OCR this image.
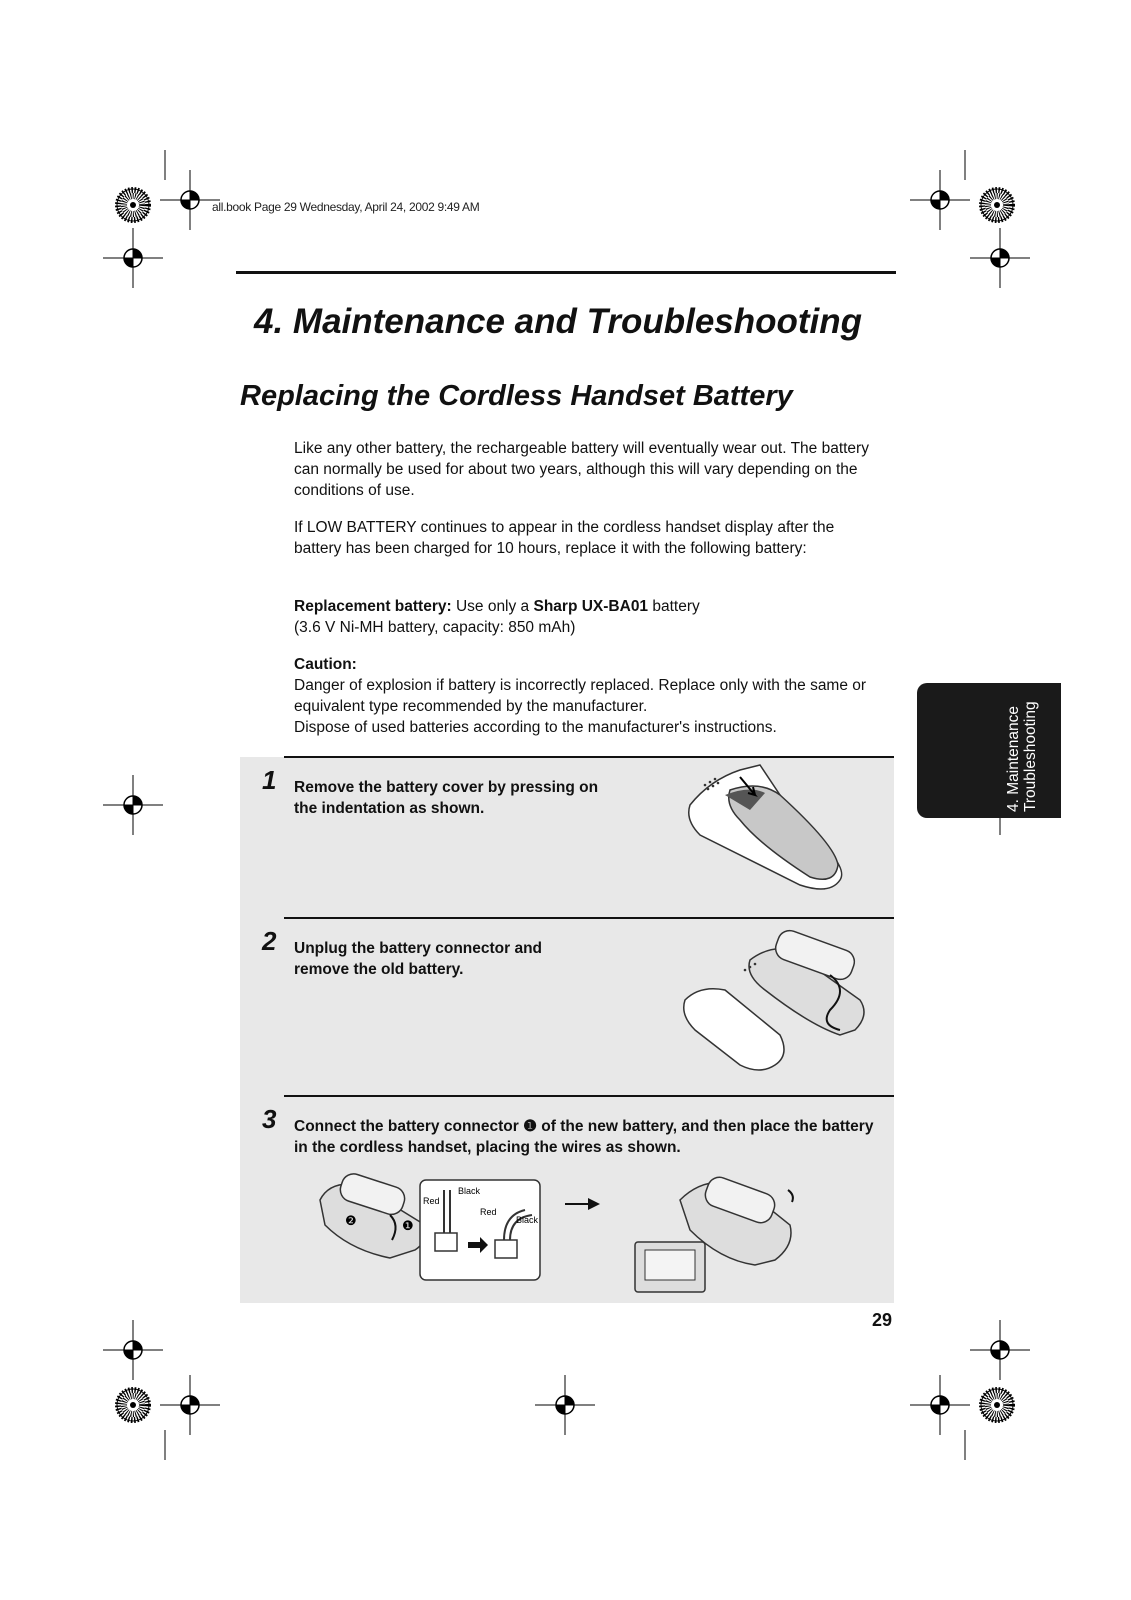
all.book Page 29 Wednesday, April 24, 2002 9:49 AM
4. Maintenance and Troubleshooting
Replacing the Cordless Handset Battery
Like any other battery, the rechargeable battery will eventually wear out. The battery can normally be used for about two years, although this will vary depending on the conditions of use.
If LOW BATTERY continues to appear in the cordless handset display after the battery has been charged for 10 hours, replace it with the following battery:
Replacement battery: Use only a Sharp UX-BA01 battery
(3.6 V Ni-MH battery, capacity: 850 mAh)
Caution:
Danger of explosion if battery is incorrectly replaced. Replace only with the same or equivalent type recommended by the manufacturer.
Dispose of used batteries according to the manufacturer's instructions.
1 Remove the battery cover by pressing on the indentation as shown.
2 Unplug the battery connector and remove the old battery.
3 Connect the battery connector ❶ of the new battery, and then place the battery in the cordless handset, placing the wires as shown.
❷	❶
Red
Black
Red
Black
4. Maintenance Troubleshooting
29
